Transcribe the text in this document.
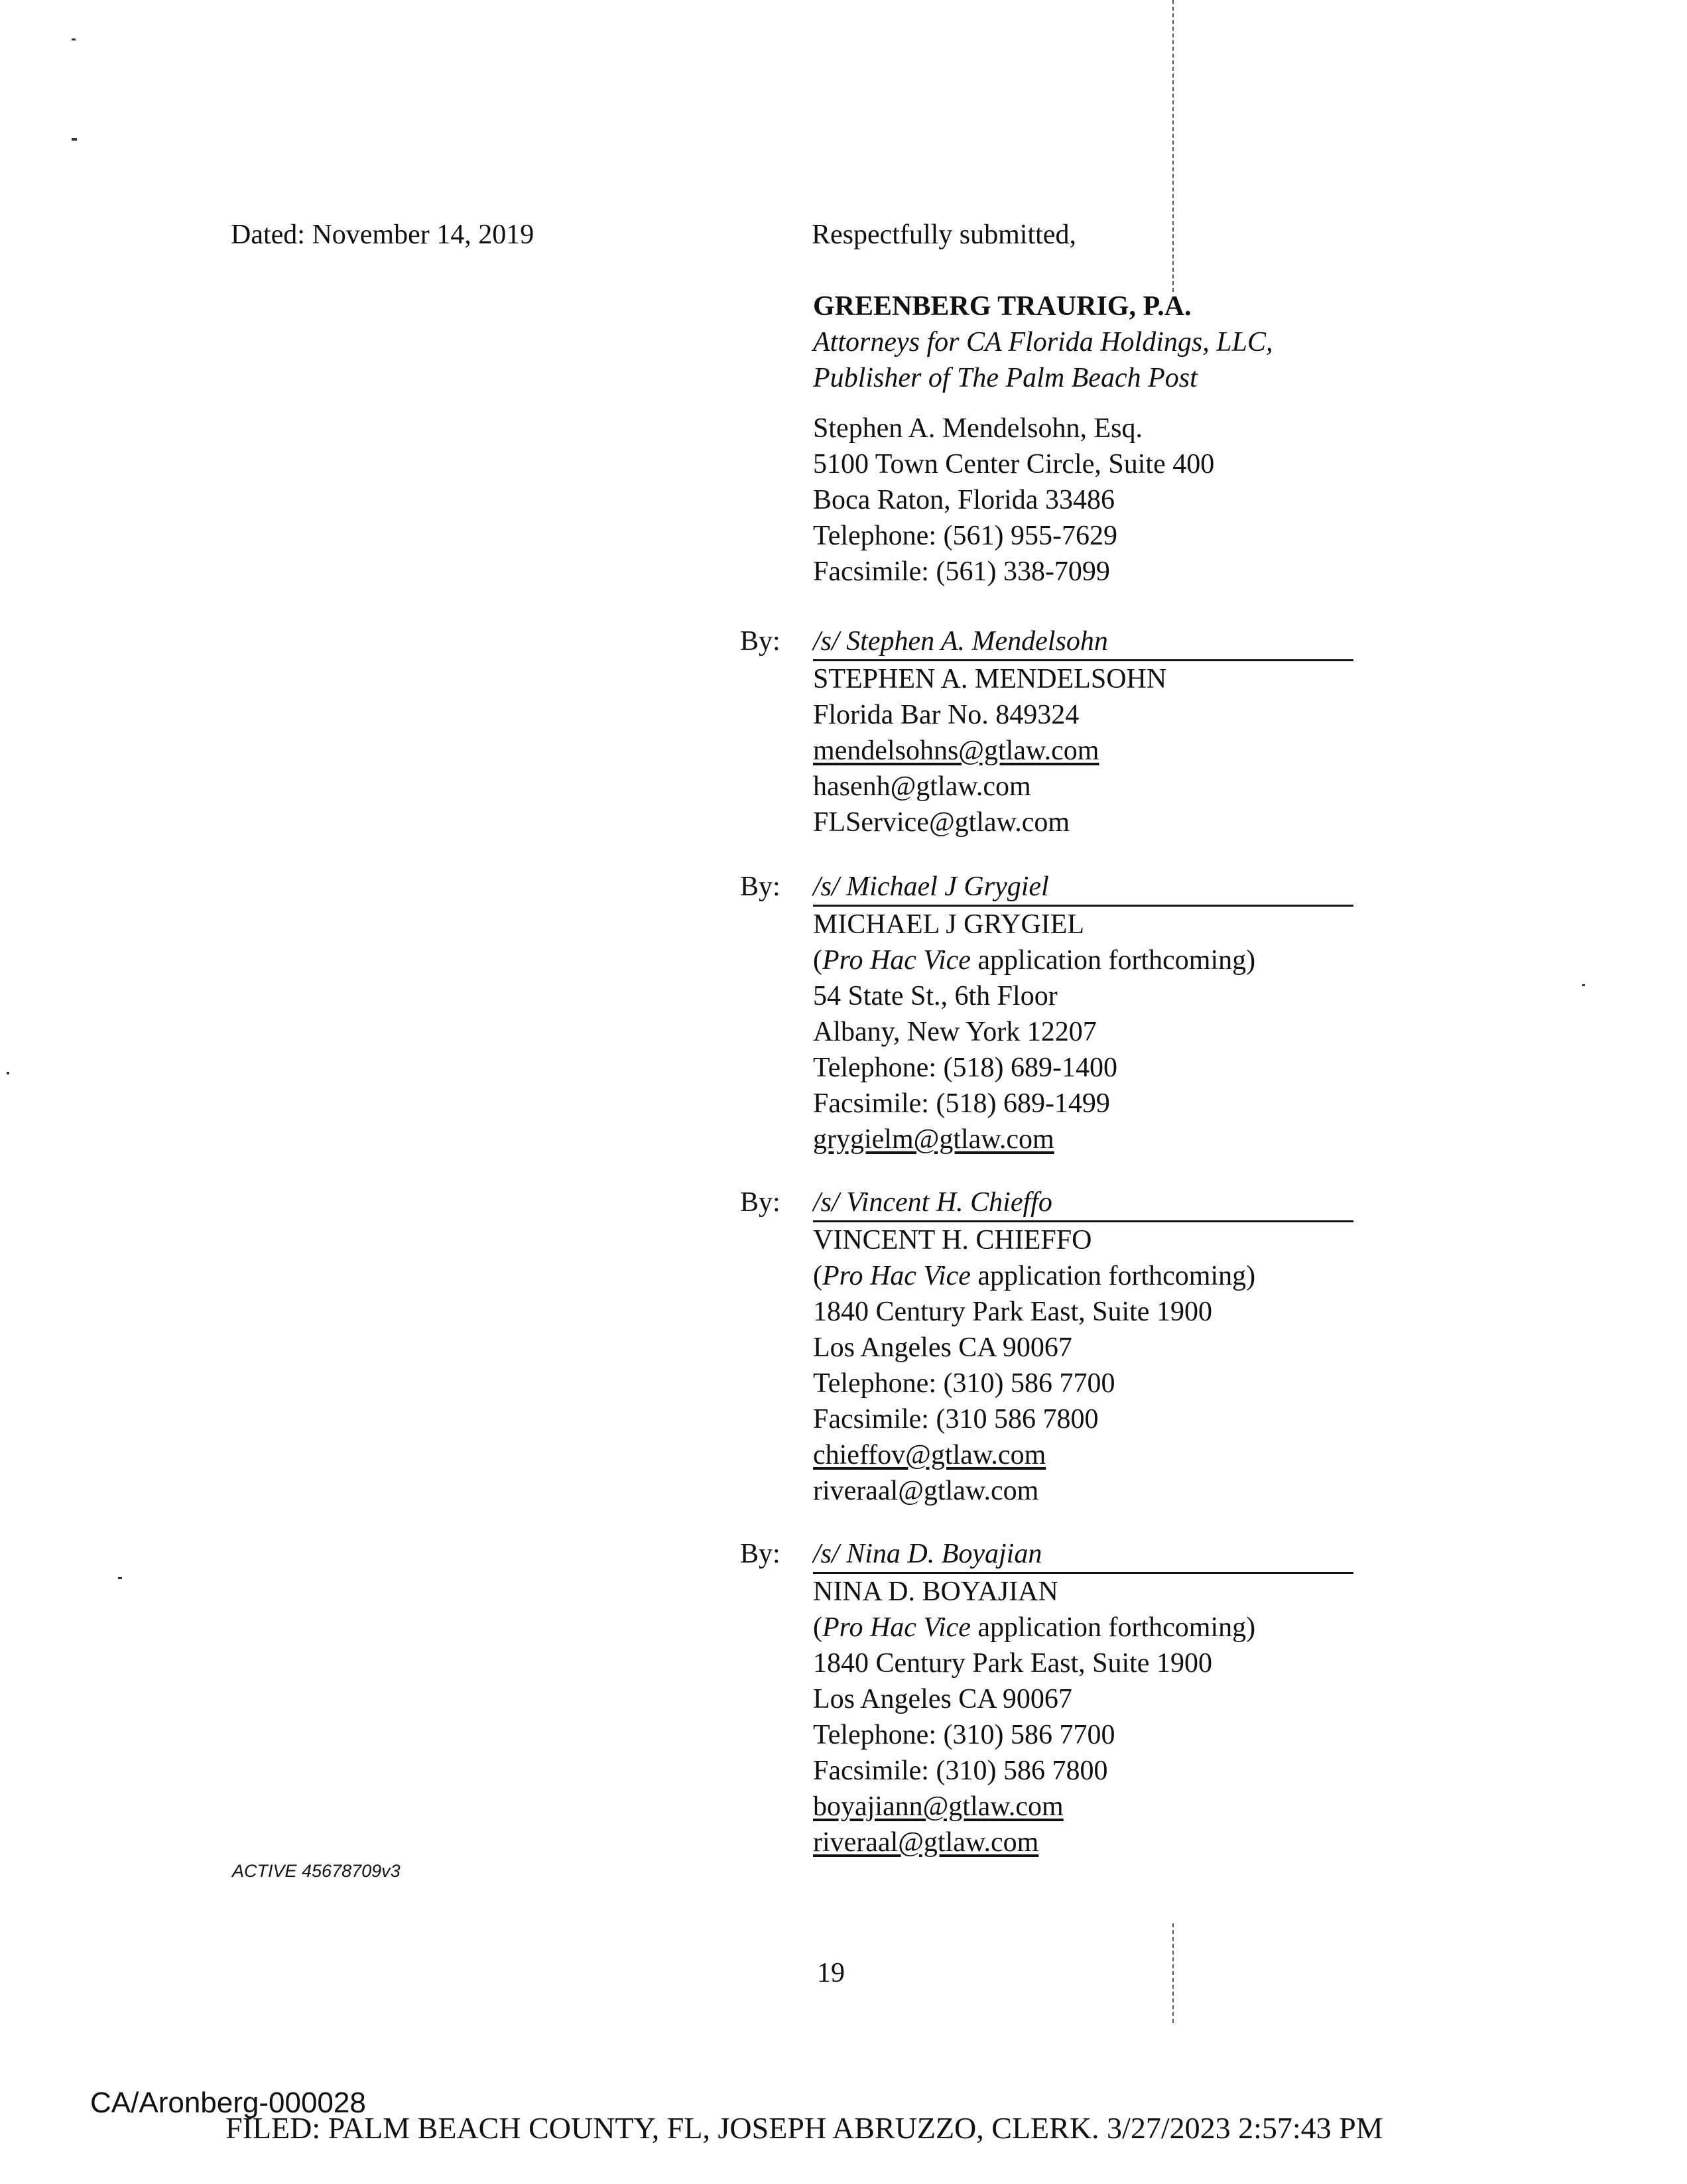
Dated: November 14, 2019	Respectfully submitted,
GREENBERG TRAURIG, P.A.
Attorneys for CA Florida Holdings, LLC,
Publisher of The Palm Beach Post
Stephen A. Mendelsohn, Esq.
5100 Town Center Circle, Suite 400
Boca Raton, Florida 33486
Telephone: (561) 955-7629
Facsimile: (561) 338-7099
By: /s/ Stephen A. Mendelsohn
STEPHEN A. MENDELSOHN
Florida Bar No. 849324
mendelsohns@gtlaw.com
hasenh@gtlaw.com
FLService@gtlaw.com
By: /s/ Michael J Grygiel
MICHAEL J GRYGIEL
(Pro Hac Vice application forthcoming)
54 State St., 6th Floor
Albany, New York 12207
Telephone: (518) 689-1400
Facsimile: (518) 689-1499
grygielm@gtlaw.com
By: /s/ Vincent H. Chieffo
VINCENT H. CHIEFFO
(Pro Hac Vice application forthcoming)
1840 Century Park East, Suite 1900
Los Angeles CA 90067
Telephone: (310) 586 7700
Facsimile: (310 586 7800
chieffov@gtlaw.com
riveraal@gtlaw.com
By: /s/ Nina D. Boyajian
NINA D. BOYAJIAN
(Pro Hac Vice application forthcoming)
1840 Century Park East, Suite 1900
Los Angeles CA 90067
Telephone: (310) 586 7700
Facsimile: (310) 586 7800
boyajiann@gtlaw.com
riveraal@gtlaw.com
ACTIVE 45678709v3
19
CA/Aronberg-000028
FILED: PALM BEACH COUNTY, FL, JOSEPH ABRUZZO, CLERK. 3/27/2023 2:57:43 PM
